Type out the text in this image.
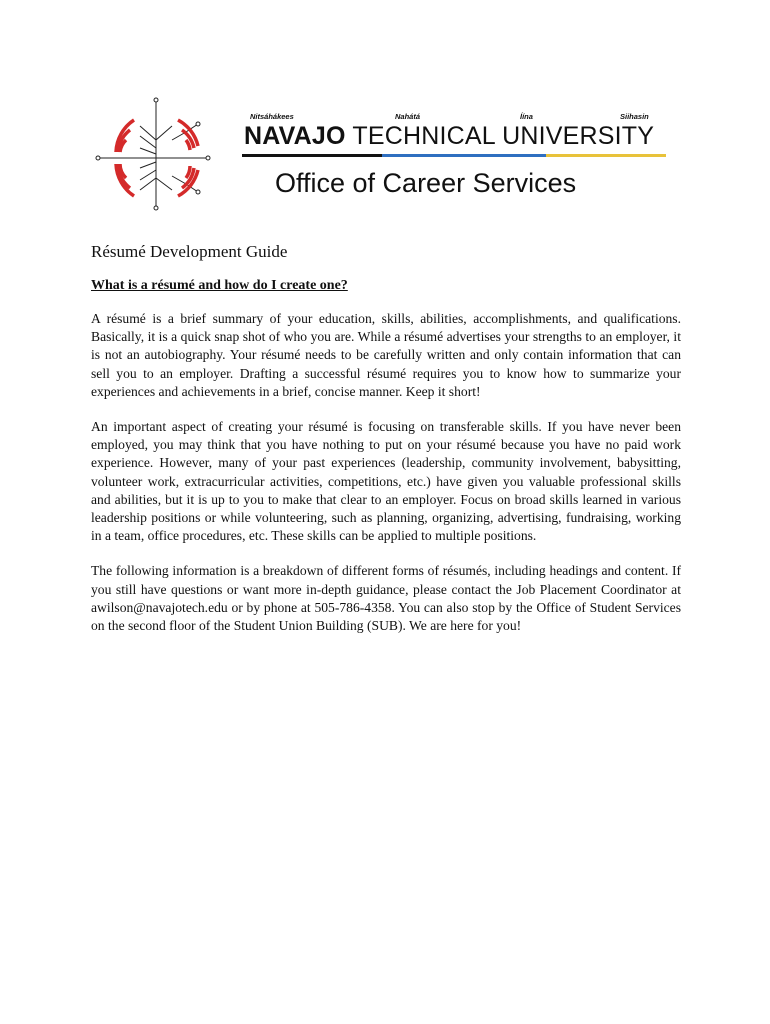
Nitsáhákees	Nahátá	Íína	Siihasin
NAVAJO TECHNICAL UNIVERSITY
Office of Career Services
Résumé Development Guide
What is a résumé and how do I create one?

A résumé is a brief summary of your education, skills, abilities, accomplishments, and qualifications. Basically, it is a quick snap shot of who you are. While a résumé advertises your strengths to an employer, it is not an autobiography. Your résumé needs to be carefully written and only contain information that can sell you to an employer. Drafting a successful résumé requires you to know how to summarize your experiences and achievements in a brief, concise manner. Keep it short!

An important aspect of creating your résumé is focusing on transferable skills. If you have never been employed, you may think that you have nothing to put on your résumé because you have no paid work experience. However, many of your past experiences (leadership, community involvement, babysitting, volunteer work, extracurricular activities, competitions, etc.) have given you valuable professional skills and abilities, but it is up to you to make that clear to an employer. Focus on broad skills learned in various leadership positions or while volunteering, such as planning, organizing, advertising, fundraising, working in a team, office procedures, etc. These skills can be applied to multiple positions.

The following information is a breakdown of different forms of résumés, including headings and content. If you still have questions or want more in-depth guidance, please contact the Job Placement Coordinator at awilson@navajotech.edu or by phone at 505-786-4358. You can also stop by the Office of Student Services on the second floor of the Student Union Building (SUB). We are here for you!
